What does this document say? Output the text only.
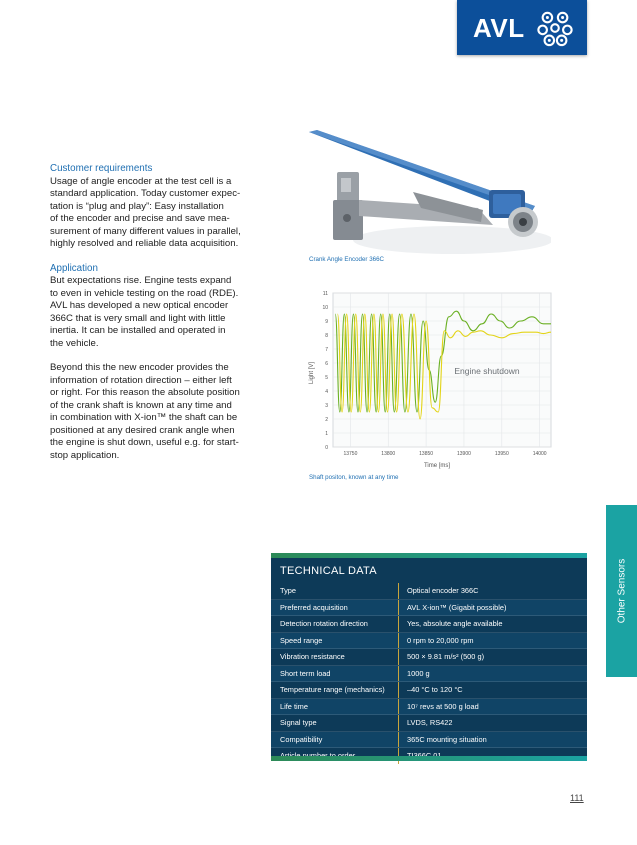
AVL
Customer requirements

Usage of angle encoder at the test cell is a
standard application. Today customer expec-
tation is “plug and play”: Easy installation
of the encoder and precise and save mea-
surement of many different values in parallel,
highly resolved and reliable data acquisition.

Application

But expectations rise. Engine tests expand
to even in vehicle testing on the road (RDE).
AVL has developed a new optical encoder
366C that is very small and light with little
inertia. It can be installed and operated in
the vehicle.

Beyond this the new encoder provides the
information of rotation direction – either left
or right. For this reason the absolute position
of the crank shaft is known at any time and
in combination with X-ion™ the shaft can be
positioned at any desired crank angle when
the engine is shut down, useful e.g. for start-
stop application.

Crank Angle Encoder 366C
0
1
2
3
4
5
6
7
8
9
10
11
13750	13800	13850	13900	13950	14000
Time [ms]
Light [V]	Engine shutdown
Shaft positon, known at any time
Other Sensors
TECHNICAL DATA
Type	Optical encoder 366C
Preferred acquisition	AVL X-ion™ (Gigabit possible)
Detection rotation direction	Yes, absolute angle available
Speed range	0 rpm to 20,000 rpm
Vibration resistance	500 × 9.81 m/s² (500 g)
Short term load	1000 g
Temperature range (mechanics)	–40 °C to 120 °C
Life time	10⁷ revs at 500 g load
Signal type	LVDS, RS422
Compatibility	365C mounting situation
111
